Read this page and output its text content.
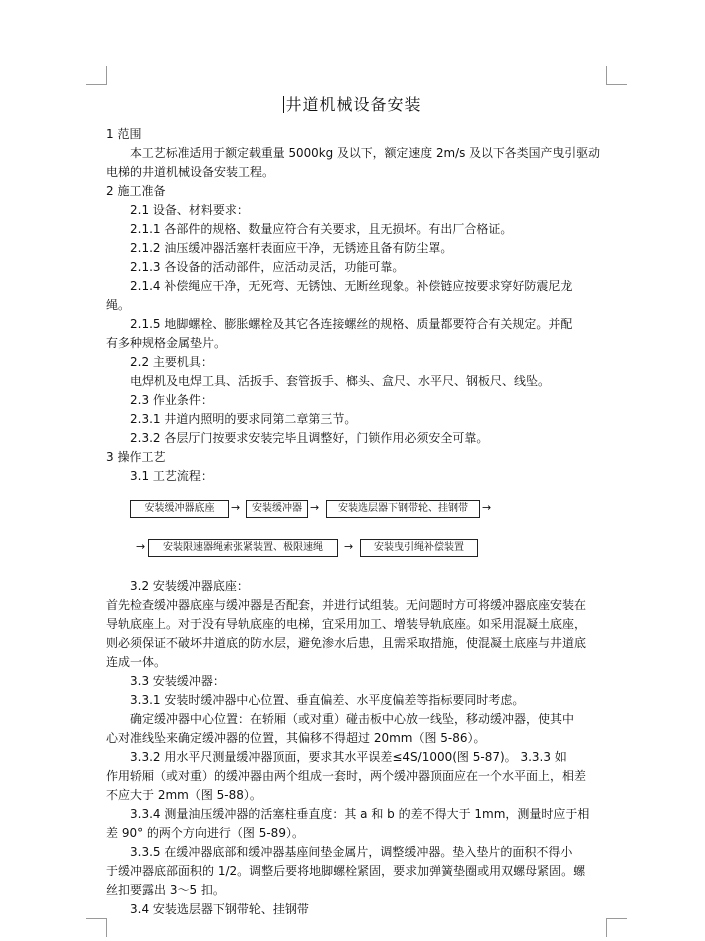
井道机械设备安装
1 范围
本工艺标准适用于额定载重量 5000kg 及以下，额定速度 2m/s 及以下各类国产曳引驱动
电梯的井道机械设备安装工程。
2 施工准备
2.1 设备、材料要求：
2.1.1 各部件的规格、数量应符合有关要求，且无损坏。有出厂合格证。
2.1.2 油压缓冲器活塞杆表面应干净，无锈迹且备有防尘罩。
2.1.3 各设备的活动部件，应活动灵活，功能可靠。
2.1.4 补偿绳应干净，无死弯、无锈蚀、无断丝现象。补偿链应按要求穿好防震尼龙
绳。
2.1.5 地脚螺栓、膨胀螺栓及其它各连接螺丝的规格、质量都要符合有关规定。并配
有多种规格金属垫片。
2.2 主要机具：
电焊机及电焊工具、活扳手、套管扳手、榔头、盒尺、水平尺、钢板尺、线坠。
2.3 作业条件：
2.3.1 井道内照明的要求同第二章第三节。
2.3.2 各层厅门按要求安装完毕且调整好，门锁作用必须安全可靠。
3 操作工艺
3.1 工艺流程：
安装缓冲器底座	→	安装缓冲器 →	安装选层器下钢带轮、挂钢带	→
→	安装限速器绳索张紧装置、极限速绳	→	安装曳引绳补偿装置
3.2 安装缓冲器底座：
首先检查缓冲器底座与缓冲器是否配套，并进行试组装。无问题时方可将缓冲器底座安装在
导轨底座上。对于没有导轨底座的电梯，宜采用加工、增装导轨底座。如采用混凝土底座，
则必须保证不破坏井道底的防水层，避免渗水后患，且需采取措施，使混凝土底座与井道底
连成一体。
3.3 安装缓冲器：
3.3.1 安装时缓冲器中心位置、垂直偏差、水平度偏差等指标要同时考虑。
确定缓冲器中心位置：在轿厢（或对重）碰击板中心放一线坠，移动缓冲器，使其中
心对准线坠来确定缓冲器的位置，其偏移不得超过 20mm（图 5-86）。
3.3.2 用水平尺测量缓冲器顶面，要求其水平误差≤4S/1000(图 5-87)。 3.3.3 如
作用轿厢（或对重）的缓冲器由两个组成一套时，两个缓冲器顶面应在一个水平面上，相差
不应大于 2mm（图 5-88）。
3.3.4 测量油压缓冲器的活塞柱垂直度：其 a 和 b 的差不得大于 1mm，测量时应于相
差 90° 的两个方向进行（图 5-89）。
3.3.5 在缓冲器底部和缓冲器基座间垫金属片，调整缓冲器。垫入垫片的面积不得小
于缓冲器底部面积的 1/2。调整后要将地脚螺栓紧固，要求加弹簧垫圈或用双螺母紧固。螺
丝扣要露出 3～5 扣。
3.4 安装选层器下钢带轮、挂钢带
